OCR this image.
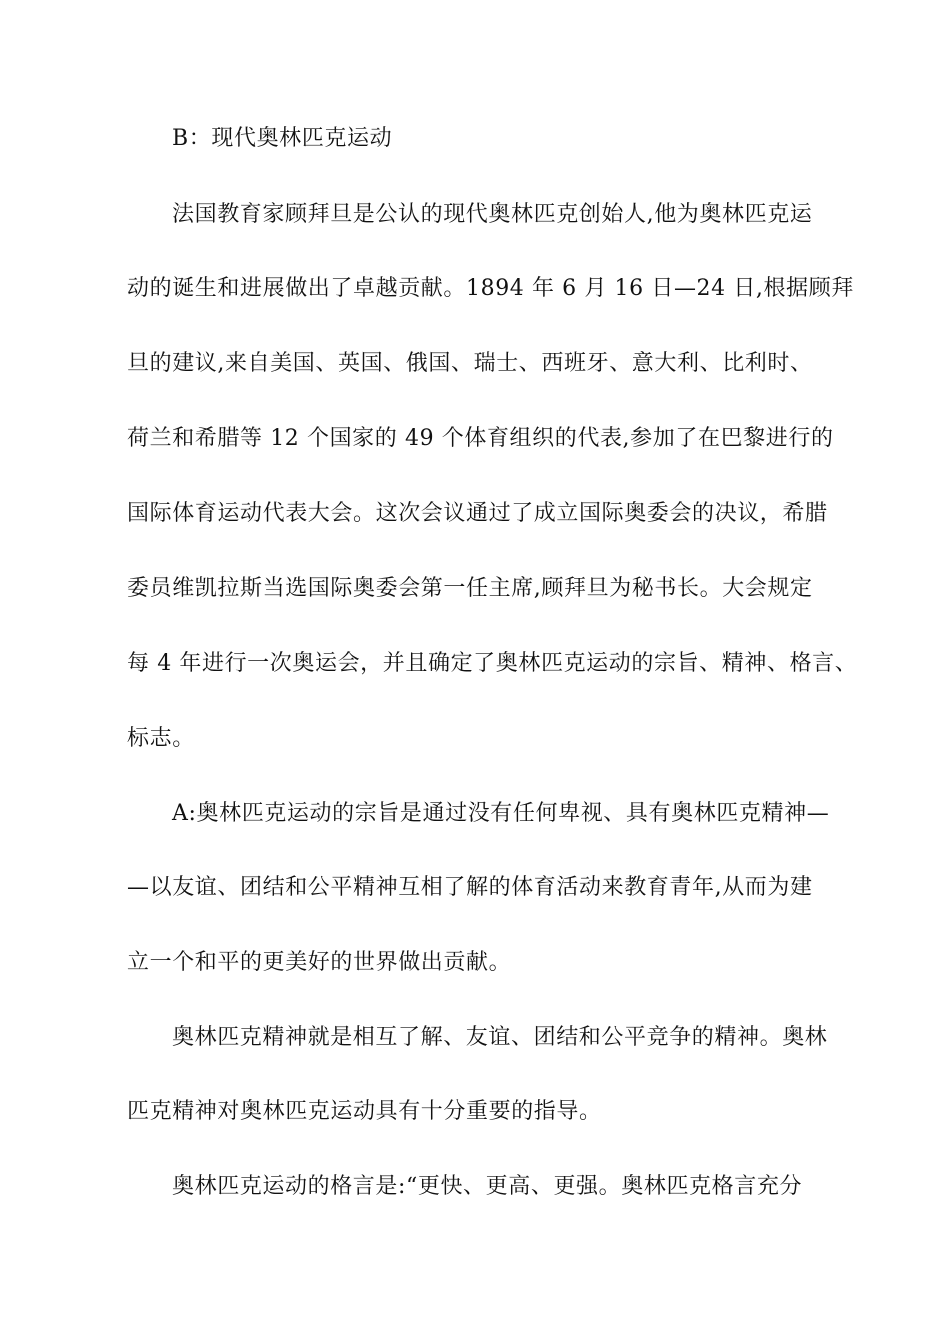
B：现代奥林匹克运动
法国教育家顾拜旦是公认的现代奥林匹克创始人,他为奥林匹克运
动的诞生和进展做出了卓越贡献。1894 年 6 月 16 日—24 日,根据顾拜
旦的建议,来自美国、英国、俄国、瑞士、西班牙、意大利、比利时、
荷兰和希腊等 12 个国家的 49 个体育组织的代表,参加了在巴黎进行的
国际体育运动代表大会。这次会议通过了成立国际奥委会的决议，希腊
委员维凯拉斯当选国际奥委会第一任主席,顾拜旦为秘书长。大会规定
每 4 年进行一次奥运会，并且确定了奥林匹克运动的宗旨、精神、格言、
标志。
A:奥林匹克运动的宗旨是通过没有任何卑视、具有奥林匹克精神—
—以友谊、团结和公平精神互相了解的体育活动来教育青年,从而为建
立一个和平的更美好的世界做出贡献。
奥林匹克精神就是相互了解、友谊、团结和公平竞争的精神。奥林
匹克精神对奥林匹克运动具有十分重要的指导。
奥林匹克运动的格言是:“更快、更高、更强。奥林匹克格言充分
